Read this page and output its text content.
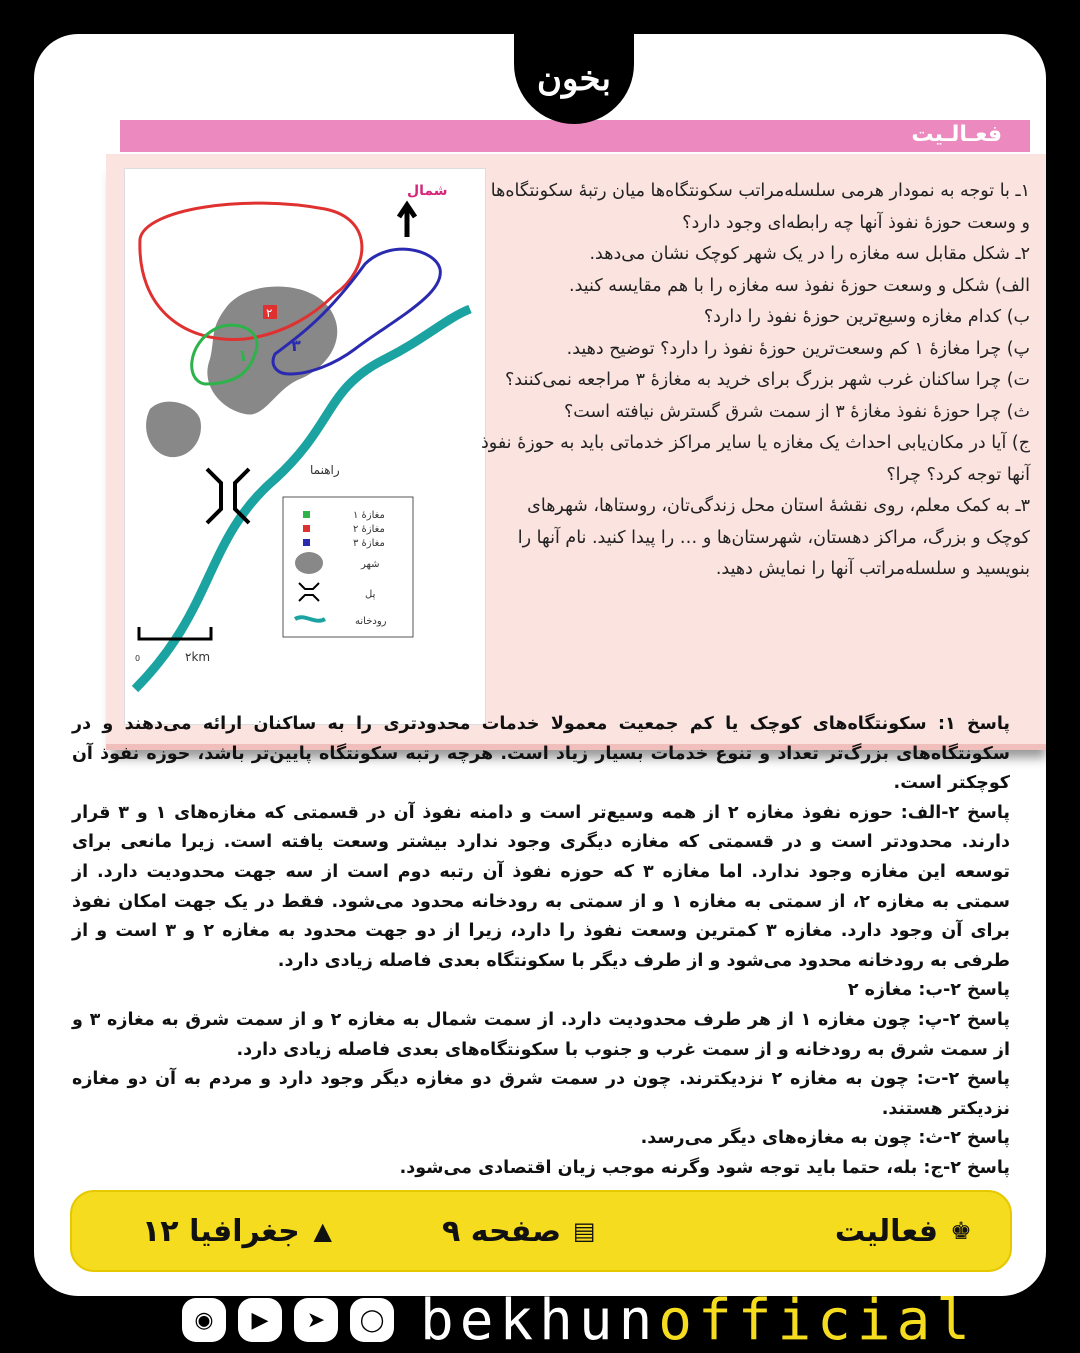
بخون
فعـالـيت
شمال
۲
۱
۳
راهنما
مغازهٔ ۱
مغازهٔ ۲
مغازهٔ ۳
شهر
پل
رودخانه
0	۲km
۱ـ با توجه به نمودار هرمی سلسله‌مراتب سکونتگاه‌ها میان رتبهٔ سکونتگاه‌ها و وسعت حوزهٔ نفوذ آنها چه رابطه‌ای وجود دارد؟
۲ـ شکل مقابل سه مغازه را در یک شهر کوچک نشان می‌دهد.
الف) شکل و وسعت حوزهٔ نفوذ سه مغازه را با هم مقایسه کنید.
ب) کدام مغازه وسیع‌ترین حوزهٔ نفوذ را دارد؟
پ) چرا مغازهٔ ۱ کم وسعت‌ترین حوزهٔ نفوذ را دارد؟ توضیح دهید.
ت) چرا ساکنان غرب شهر بزرگ برای خرید به مغازهٔ ۳ مراجعه نمی‌کنند؟
ث) چرا حوزهٔ نفوذ مغازهٔ ۳ از سمت شرق گسترش نیافته است؟
ج) آیا در مکان‌یابی احداث یک مغازه یا سایر مراکز خدماتی باید به حوزهٔ نفوذ آنها توجه کرد؟ چرا؟
۳ـ به کمک معلم، روی نقشهٔ استان محل زندگی‌تان، روستاها، شهرهای کوچک و بزرگ، مراکز دهستان، شهرستان‌ها و … را پیدا کنید. نام آنها را بنویسید و سلسله‌مراتب آنها را نمایش دهید.

پاسخ ۱: سکونتگاه‌های کوچک یا کم جمعیت معمولا خدمات محدودتری را به ساکنان ارائه می‌دهند و در سکونتگاه‌های بزرگ‌تر تعداد و تنوع خدمات بسیار زیاد است. هرچه رتبه سکونتگاه پایین‌تر باشد، حوزه نفوذ آن کوچکتر است.

پاسخ ۲-الف: حوزه نفوذ مغازه ۲ از همه وسیع‌تر است و دامنه نفوذ آن در قسمتی که مغازه‌های ۱ و ۳ قرار دارند. محدودتر است و در قسمتی که مغازه دیگری وجود ندارد بیشتر وسعت یافته است. زیرا مانعی برای توسعه این مغازه وجود ندارد. اما مغازه ۳ که حوزه نفوذ آن رتبه دوم است از سه جهت محدودیت دارد. از سمتی به مغازه ۲، از سمتی به مغازه ۱ و از سمتی به رودخانه محدود می‌شود. فقط در یک جهت امکان نفوذ برای آن وجود دارد. مغازه ۳ کمترین وسعت نفوذ را دارد، زیرا از دو جهت محدود به مغازه ۲ و ۳ است و از طرفی به رودخانه محدود می‌شود و از طرف دیگر با سکونتگاه بعدی فاصله زیادی دارد.

پاسخ ۲-ب: مغازه ۲

پاسخ ۲-پ: چون مغازه ۱ از هر طرف محدودیت دارد. از سمت شمال به مغازه ۲ و از سمت شرق به مغازه ۳ و از سمت شرق به رودخانه و از سمت غرب و جنوب با سکونتگاه‌های بعدی فاصله زیادی دارد.

پاسخ ۲-ت: چون به مغازه ۲ نزدیکترند. چون در سمت شرق دو مغازه دیگر وجود دارد و مردم به آن دو مغازه نزدیکتر هستند.

پاسخ ۲-ث: چون به مغازه‌های دیگر می‌رسد.

پاسخ ۲-ج: بله، حتما باید توجه شود وگرنه موجب زیان اقتصادی می‌شود.

♚
فعالیت
▤
صفحه ۹
▲
جغرافیا ۱۲
◉	▶	➤	◯ bekhunofficial
